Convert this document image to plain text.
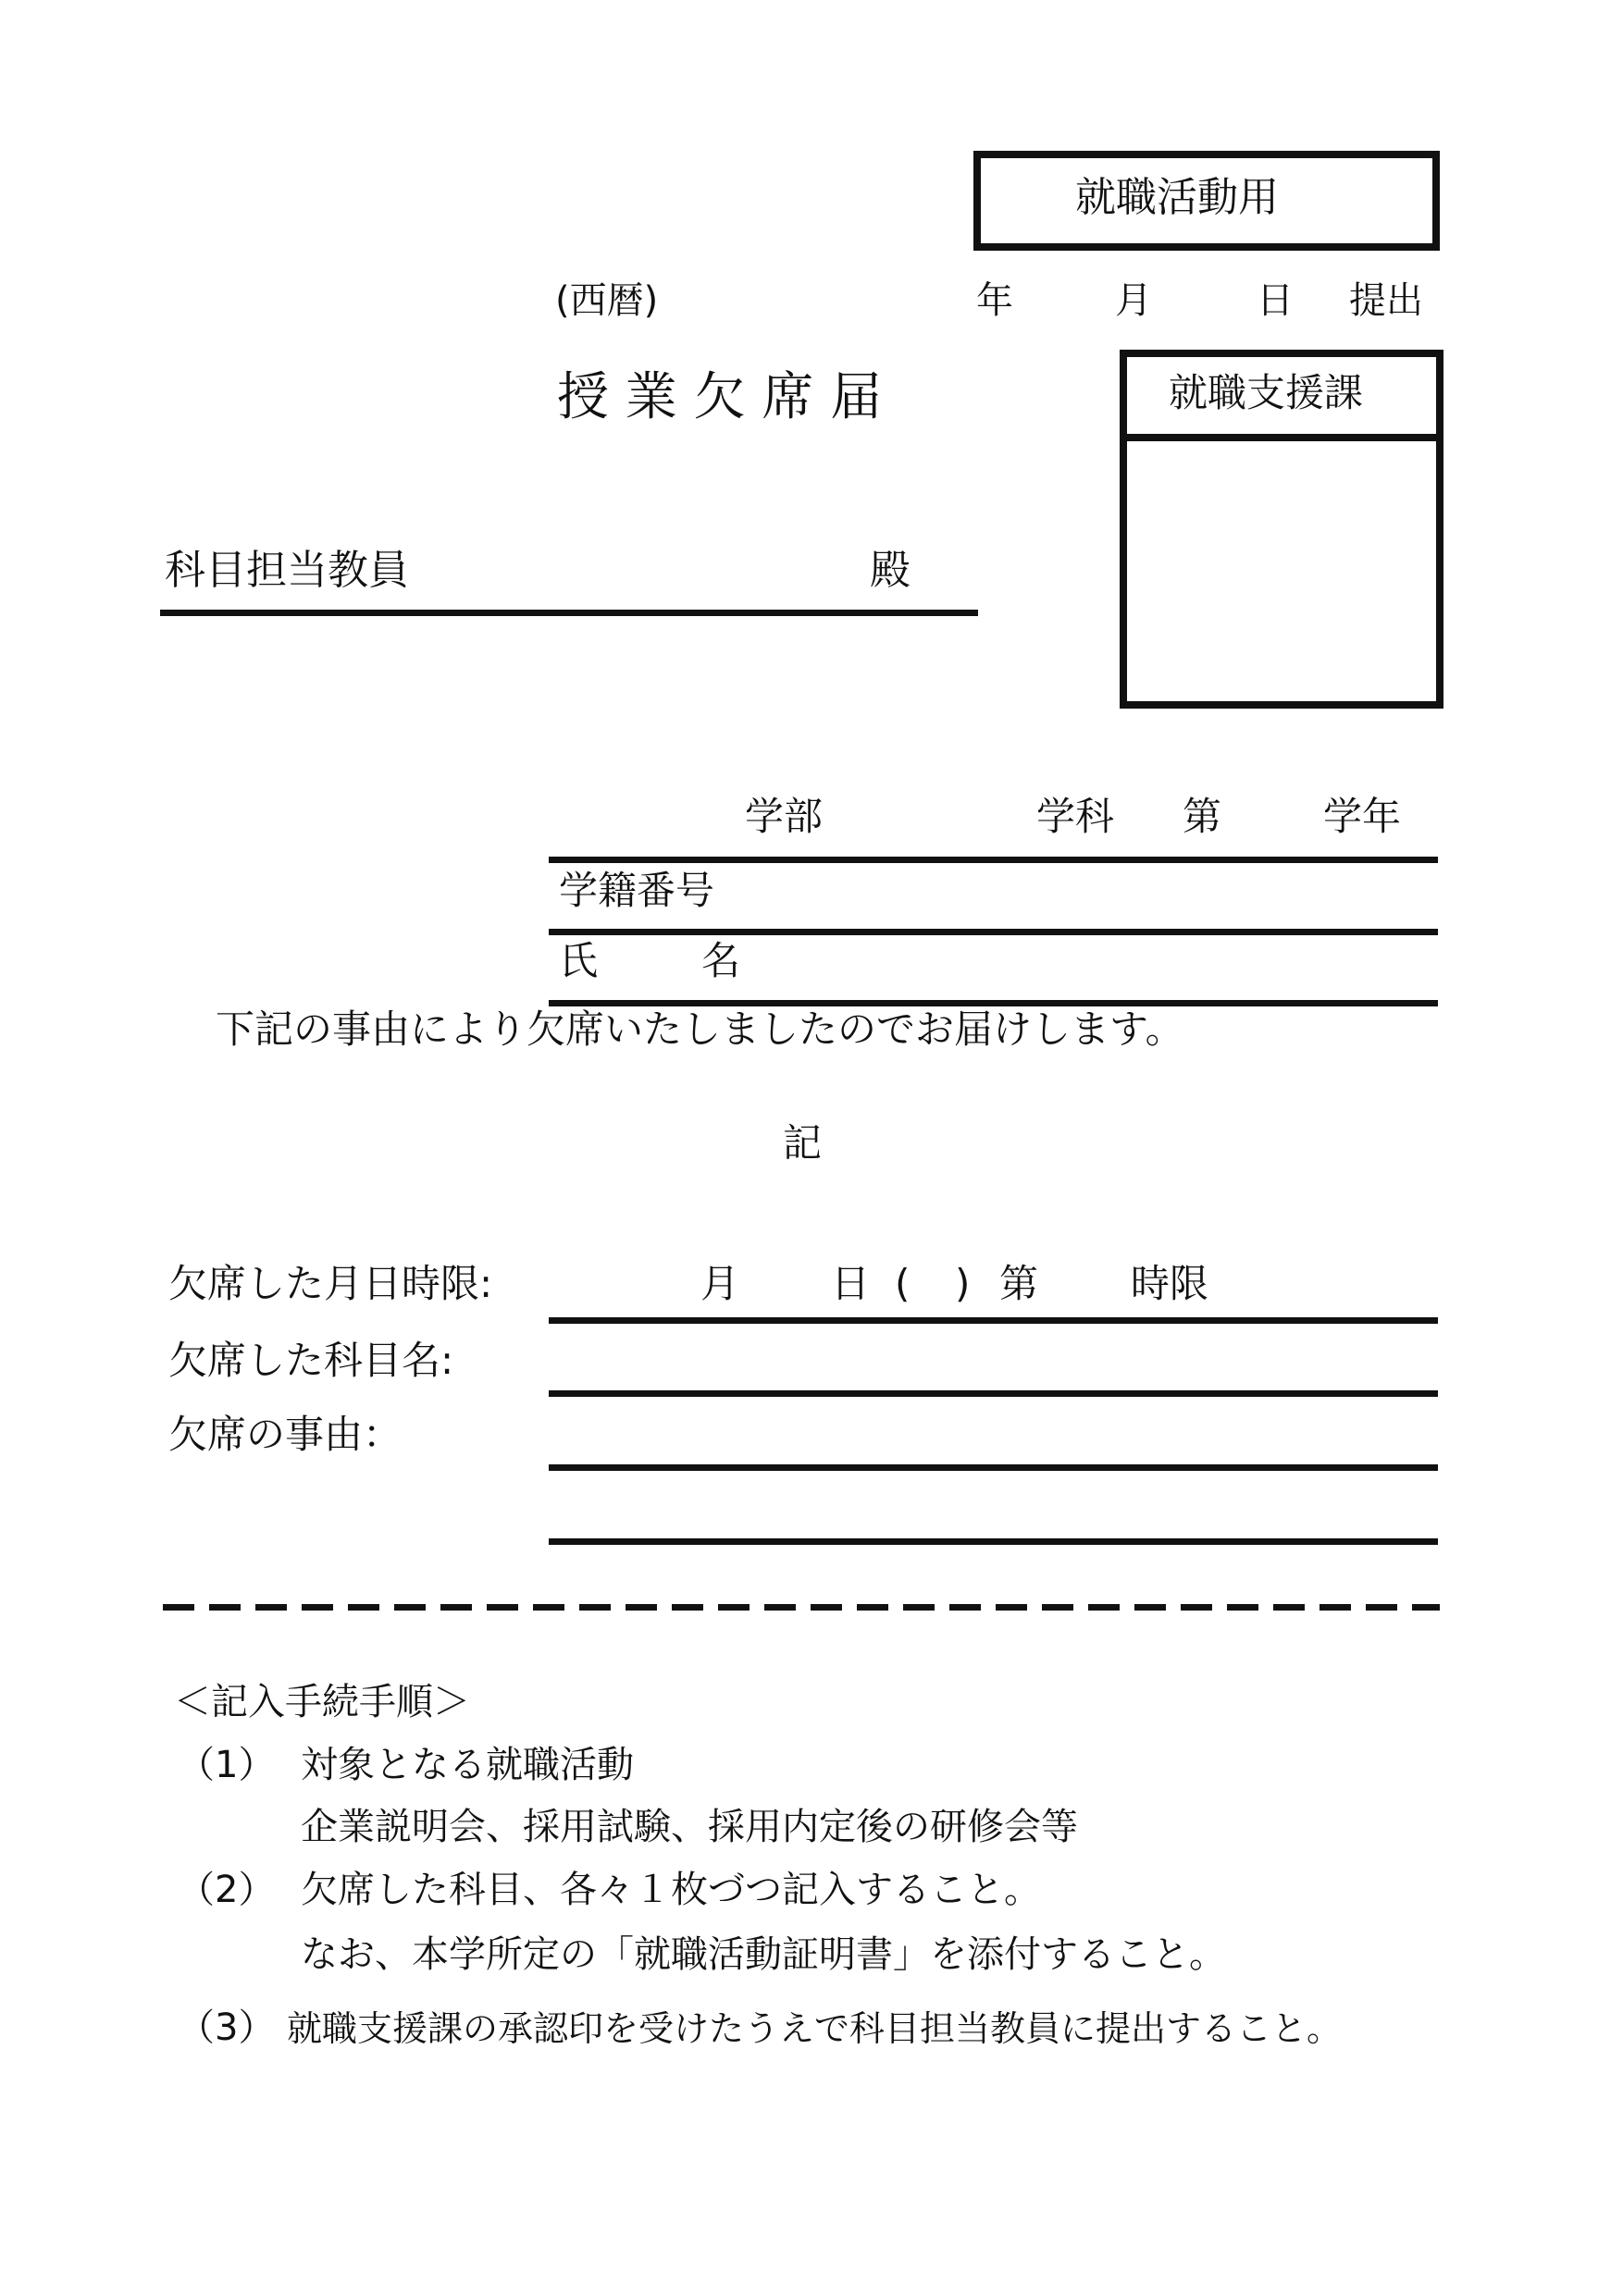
就職活動用
(西暦)	年	月	日 提出
授 業 欠 席 届	就職支援課
科目担当教員	殿
学部	学科 第	学年
学籍番号
氏	名
下記の事由により欠席いたしましたのでお届けします。
記
欠席した月日時限:	月 日 ( ) 第 時限
欠席した科目名:
欠席の事由：
＜記入手続手順＞
（1） 対象となる就職活動
企業説明会、採用試験、採用内定後の研修会等
（2） 欠席した科目、各々１枚づつ記入すること。
なお、本学所定の「就職活動証明書」を添付すること。
（3） 就職支援課の承認印を受けたうえで科目担当教員に提出すること。
